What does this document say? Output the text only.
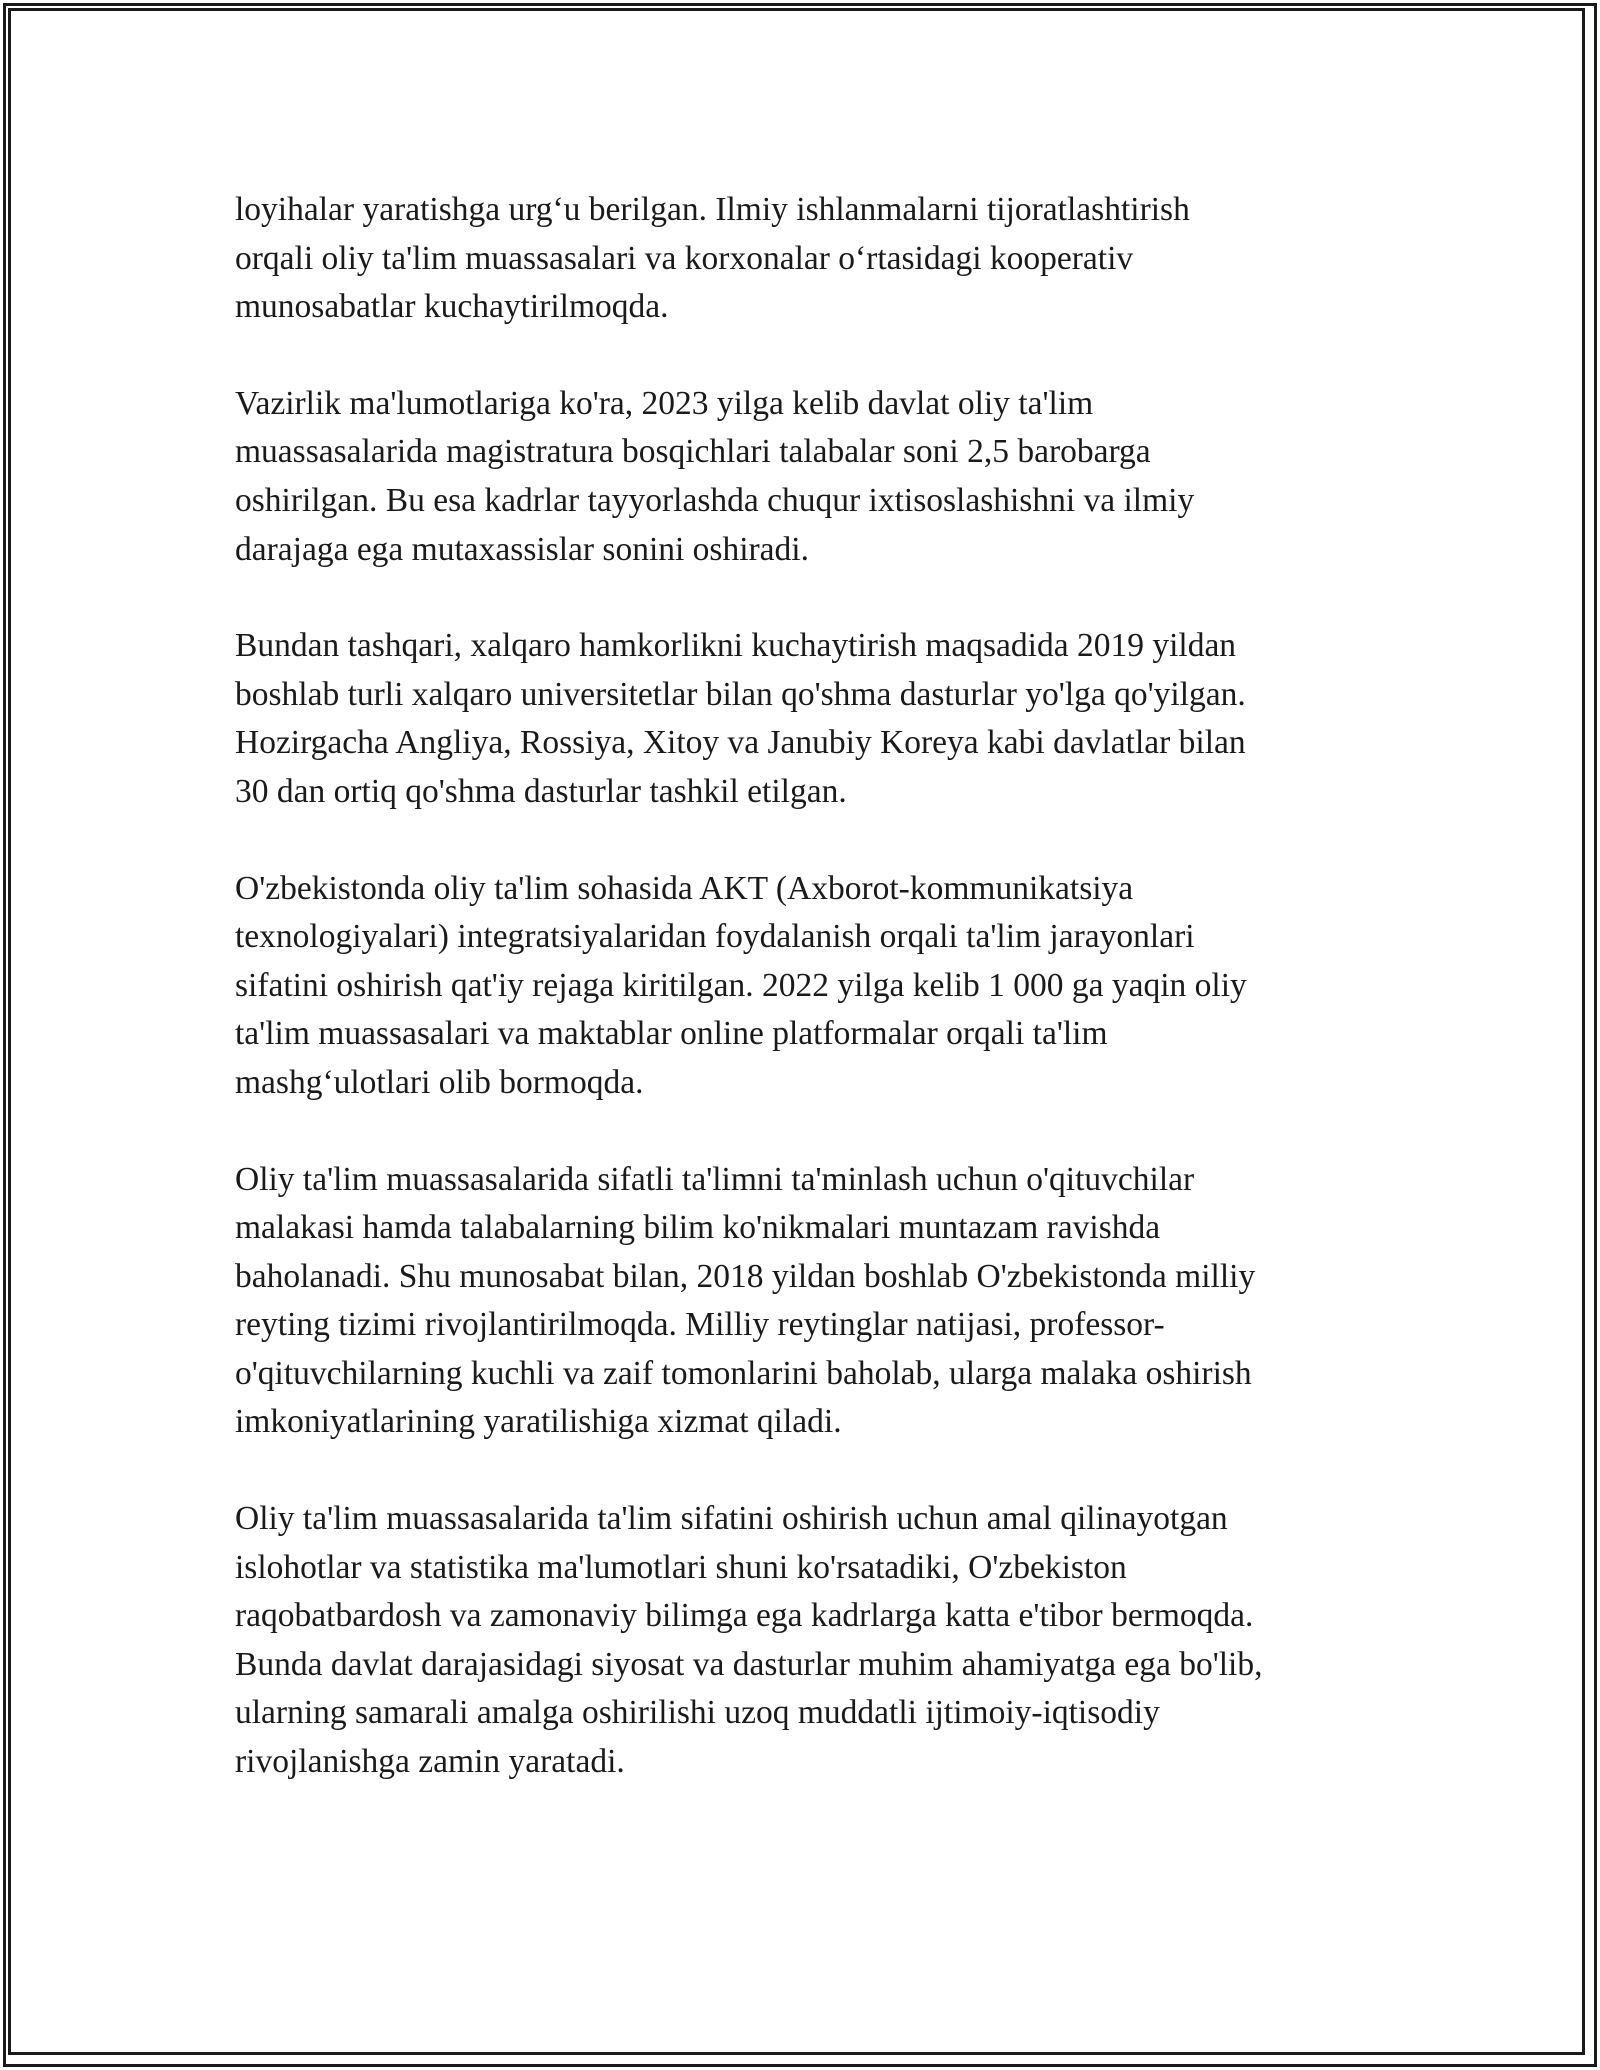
loyihalar yaratishga urg‘u berilgan. Ilmiy ishlanmalarni tijoratlashtirish
orqali oliy ta'lim muassasalari va korxonalar o‘rtasidagi kooperativ
munosabatlar kuchaytirilmoqda.

Vazirlik ma'lumotlariga ko'ra, 2023 yilga kelib davlat oliy ta'lim
muassasalarida magistratura bosqichlari talabalar soni 2,5 barobarga
oshirilgan. Bu esa kadrlar tayyorlashda chuqur ixtisoslashishni va ilmiy
darajaga ega mutaxassislar sonini oshiradi.

Bundan tashqari, xalqaro hamkorlikni kuchaytirish maqsadida 2019 yildan
boshlab turli xalqaro universitetlar bilan qo'shma dasturlar yo'lga qo'yilgan.
Hozirgacha Angliya, Rossiya, Xitoy va Janubiy Koreya kabi davlatlar bilan
30 dan ortiq qo'shma dasturlar tashkil etilgan.

O'zbekistonda oliy ta'lim sohasida AKT (Axborot-kommunikatsiya
texnologiyalari) integratsiyalaridan foydalanish orqali ta'lim jarayonlari
sifatini oshirish qat'iy rejaga kiritilgan. 2022 yilga kelib 1 000 ga yaqin oliy
ta'lim muassasalari va maktablar online platformalar orqali ta'lim
mashg‘ulotlari olib bormoqda.

Oliy ta'lim muassasalarida sifatli ta'limni ta'minlash uchun o'qituvchilar
malakasi hamda talabalarning bilim ko'nikmalari muntazam ravishda
baholanadi. Shu munosabat bilan, 2018 yildan boshlab O'zbekistonda milliy
reyting tizimi rivojlantirilmoqda. Milliy reytinglar natijasi, professor-
o'qituvchilarning kuchli va zaif tomonlarini baholab, ularga malaka oshirish
imkoniyatlarining yaratilishiga xizmat qiladi.

Oliy ta'lim muassasalarida ta'lim sifatini oshirish uchun amal qilinayotgan
islohotlar va statistika ma'lumotlari shuni ko'rsatadiki, O'zbekiston
raqobatbardosh va zamonaviy bilimga ega kadrlarga katta e'tibor bermoqda.
Bunda davlat darajasidagi siyosat va dasturlar muhim ahamiyatga ega bo'lib,
ularning samarali amalga oshirilishi uzoq muddatli ijtimoiy-iqtisodiy
rivojlanishga zamin yaratadi.
